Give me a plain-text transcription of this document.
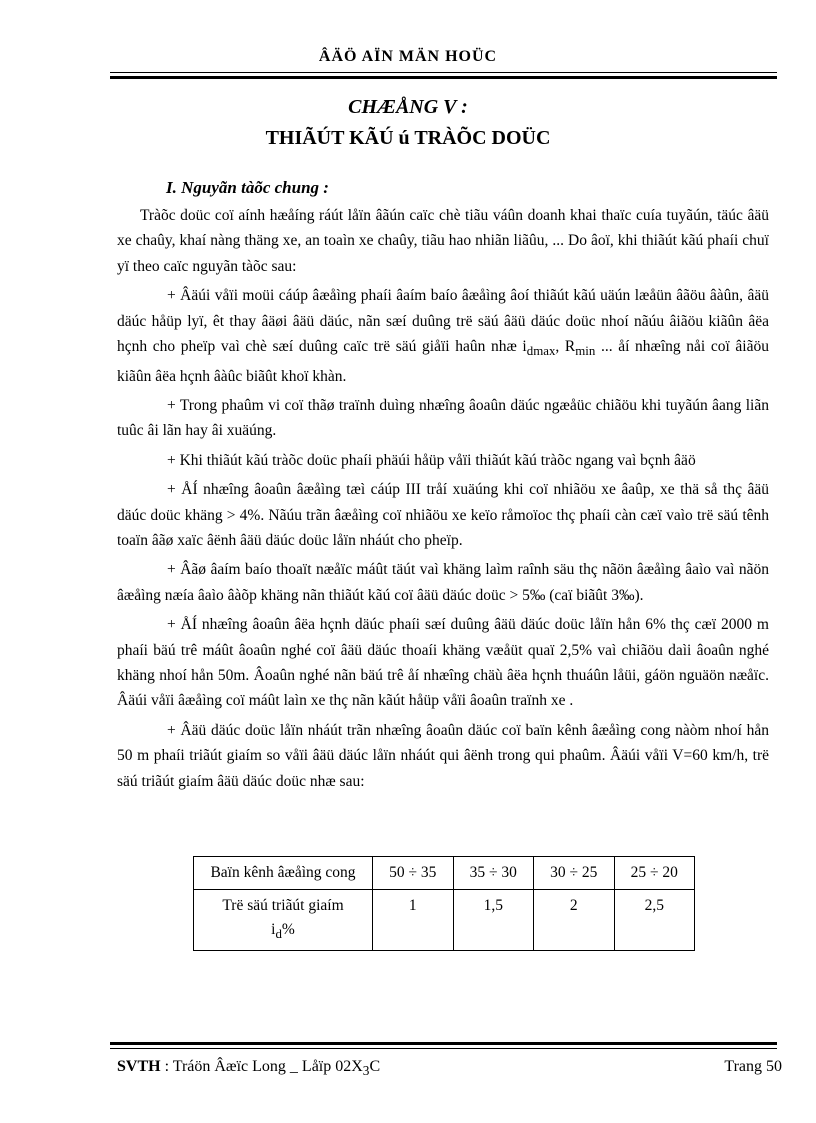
ÂÄÖ AÏN MÄN HOÜC
CHÆÅNG V :
THIÃÚT KÃÚ ú TRÀÕC DOÜC
I. Nguyãn tàõc chung :

Tràõc doüc coï aính hæåíng ráút låïn âãún caïc chè tiãu váûn doanh khai thaïc cuía tuyãún, täúc âäü xe chaûy, khaí nàng thäng xe, an toaìn xe chaûy, tiãu hao nhiãn liãûu, ... Do âoï, khi thiãút kãú phaíi chuï yï theo caïc nguyãn tàõc sau:

+ Âäúi våïi moüi cáúp âæåìng phaíi âaím baío âæåìng âoí thiãút kãú uäún læåün âãöu âàûn, âäü däúc håüp lyï, êt thay âäøi âäü däúc, nãn sæí duûng trë säú âäü däúc doüc nhoí nãúu âiãöu kiãûn âëa hçnh cho pheïp vaì chè sæí duûng caïc trë säú giåïi haûn nhæ $i_{dmax}$, $R_{min}$ ... åí nhæîng nåi coï âiãöu kiãûn âëa hçnh âàûc biãût khoï khàn.

+ Trong phaûm vi coï thãø traïnh duìng nhæîng âoaûn däúc ngæåüc chiãöu khi tuyãún âang liãn tuûc âi lãn hay âi xuäúng.

+ Khi thiãút kãú tràõc doüc phaíi phäúi håüp våïi thiãút kãú tràõc ngang vaì bçnh âäö

+ ÅÍ nhæîng âoaûn âæåìng tæì cáúp III tråí xuäúng khi coï nhiãöu xe âaûp, xe thä så thç âäü däúc doüc khäng > 4%. Nãúu trãn âæåìng coï nhiãöu xe keïo råmoïoc thç phaíi càn cæï vaìo trë säú tênh toaïn âãø xaïc âënh âäü däúc doüc låïn nháút cho pheïp.

+ Âãø âaím baío thoaït næåïc máût täút vaì khäng laìm raînh säu thç nãön âæåìng âaìo vaì nãön âæåìng næía âaìo âàõp khäng nãn thiãút kãú coï âäü däúc doüc > 5‰ (caï biãût 3‰).

+ ÅÍ nhæîng âoaûn âëa hçnh däúc phaíi sæí duûng âäü däúc doüc låïn hån 6% thç cæï 2000 m phaíi bäú trê máût âoaûn nghé coï âäü däúc thoaíi khäng væåüt quaï 2,5% vaì chiãöu daìi âoaûn nghé khäng nhoí hån 50m. Âoaûn nghé nãn bäú trê åí nhæîng chäù âëa hçnh thuáûn låüi, gáön nguäön næåïc. Âäúi våïi âæåìng coï máût laìn xe thç nãn kãút håüp våïi âoaûn traïnh xe .

+ Âäü däúc doüc låïn nháút trãn nhæîng âoaûn däúc coï baïn kênh âæåìng cong nàòm nhoí hån 50 m phaíi triãút giaím so våïi âäü däúc låïn nháút qui âënh trong qui phaûm. Âäúi våïi V=60 km/h, trë säú triãút giaím âäü däúc doüc nhæ sau:

Baïn kênh âæåìng cong	50 ÷ 35	35 ÷ 30	30 ÷ 25	25 ÷ 20
Trë säú triãút giaím
$i_d\%$	1	1,5	2	2,5
SVTH : Tráön Âæïc Long _ Låïp $02X_3C$	Trang 50
